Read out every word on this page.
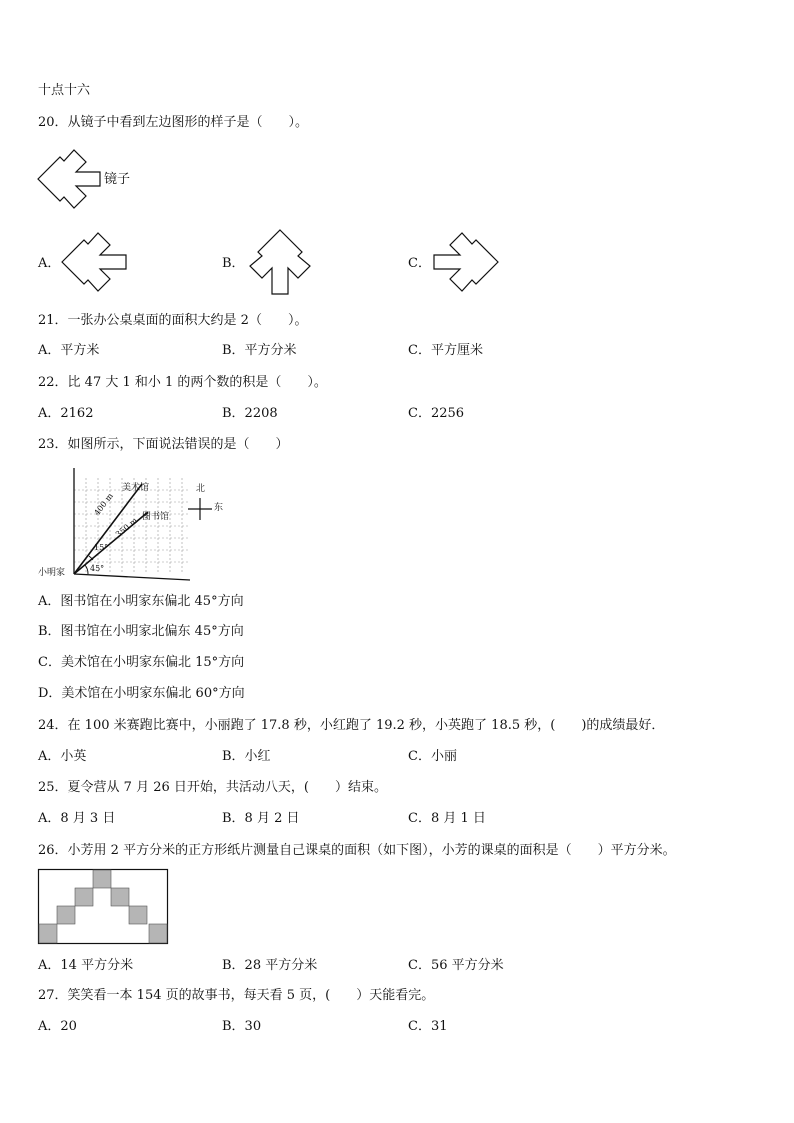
十点十六
20．从镜子中看到左边图形的样子是（　　）。
镜子
A．	B．	C．
21．一张办公桌桌面的面积大约是 2（　　）。
A．平方米	B．平方分米	C．平方厘米
22．比 47 大 1 和小 1 的两个数的积是（　　）。
A．2162	B．2208	C．2256
23．如图所示，下面说法错误的是（　　）
美术馆
图书馆
400 m
350 m
15°
45°
小明家
北
东
A．图书馆在小明家东偏北 45°方向
B．图书馆在小明家北偏东 45°方向
C．美术馆在小明家东偏北 15°方向
D．美术馆在小明家东偏北 60°方向
24．在 100 米赛跑比赛中，小丽跑了 17.8 秒，小红跑了 19.2 秒，小英跑了 18.5 秒，(　　)的成绩最好．
A．小英	B．小红	C．小丽
25．夏令营从 7 月 26 日开始，共活动八天，(　　）结束。
A．8 月 3 日	B．8 月 2 日	C．8 月 1 日
26．小芳用 2 平方分米的正方形纸片测量自己课桌的面积（如下图），小芳的课桌的面积是（　　）平方分米。
A．14 平方分米	B．28 平方分米	C．56 平方分米
27．笑笑看一本 154 页的故事书，每天看 5 页，(　　）天能看完。
A．20	B．30	C．31
